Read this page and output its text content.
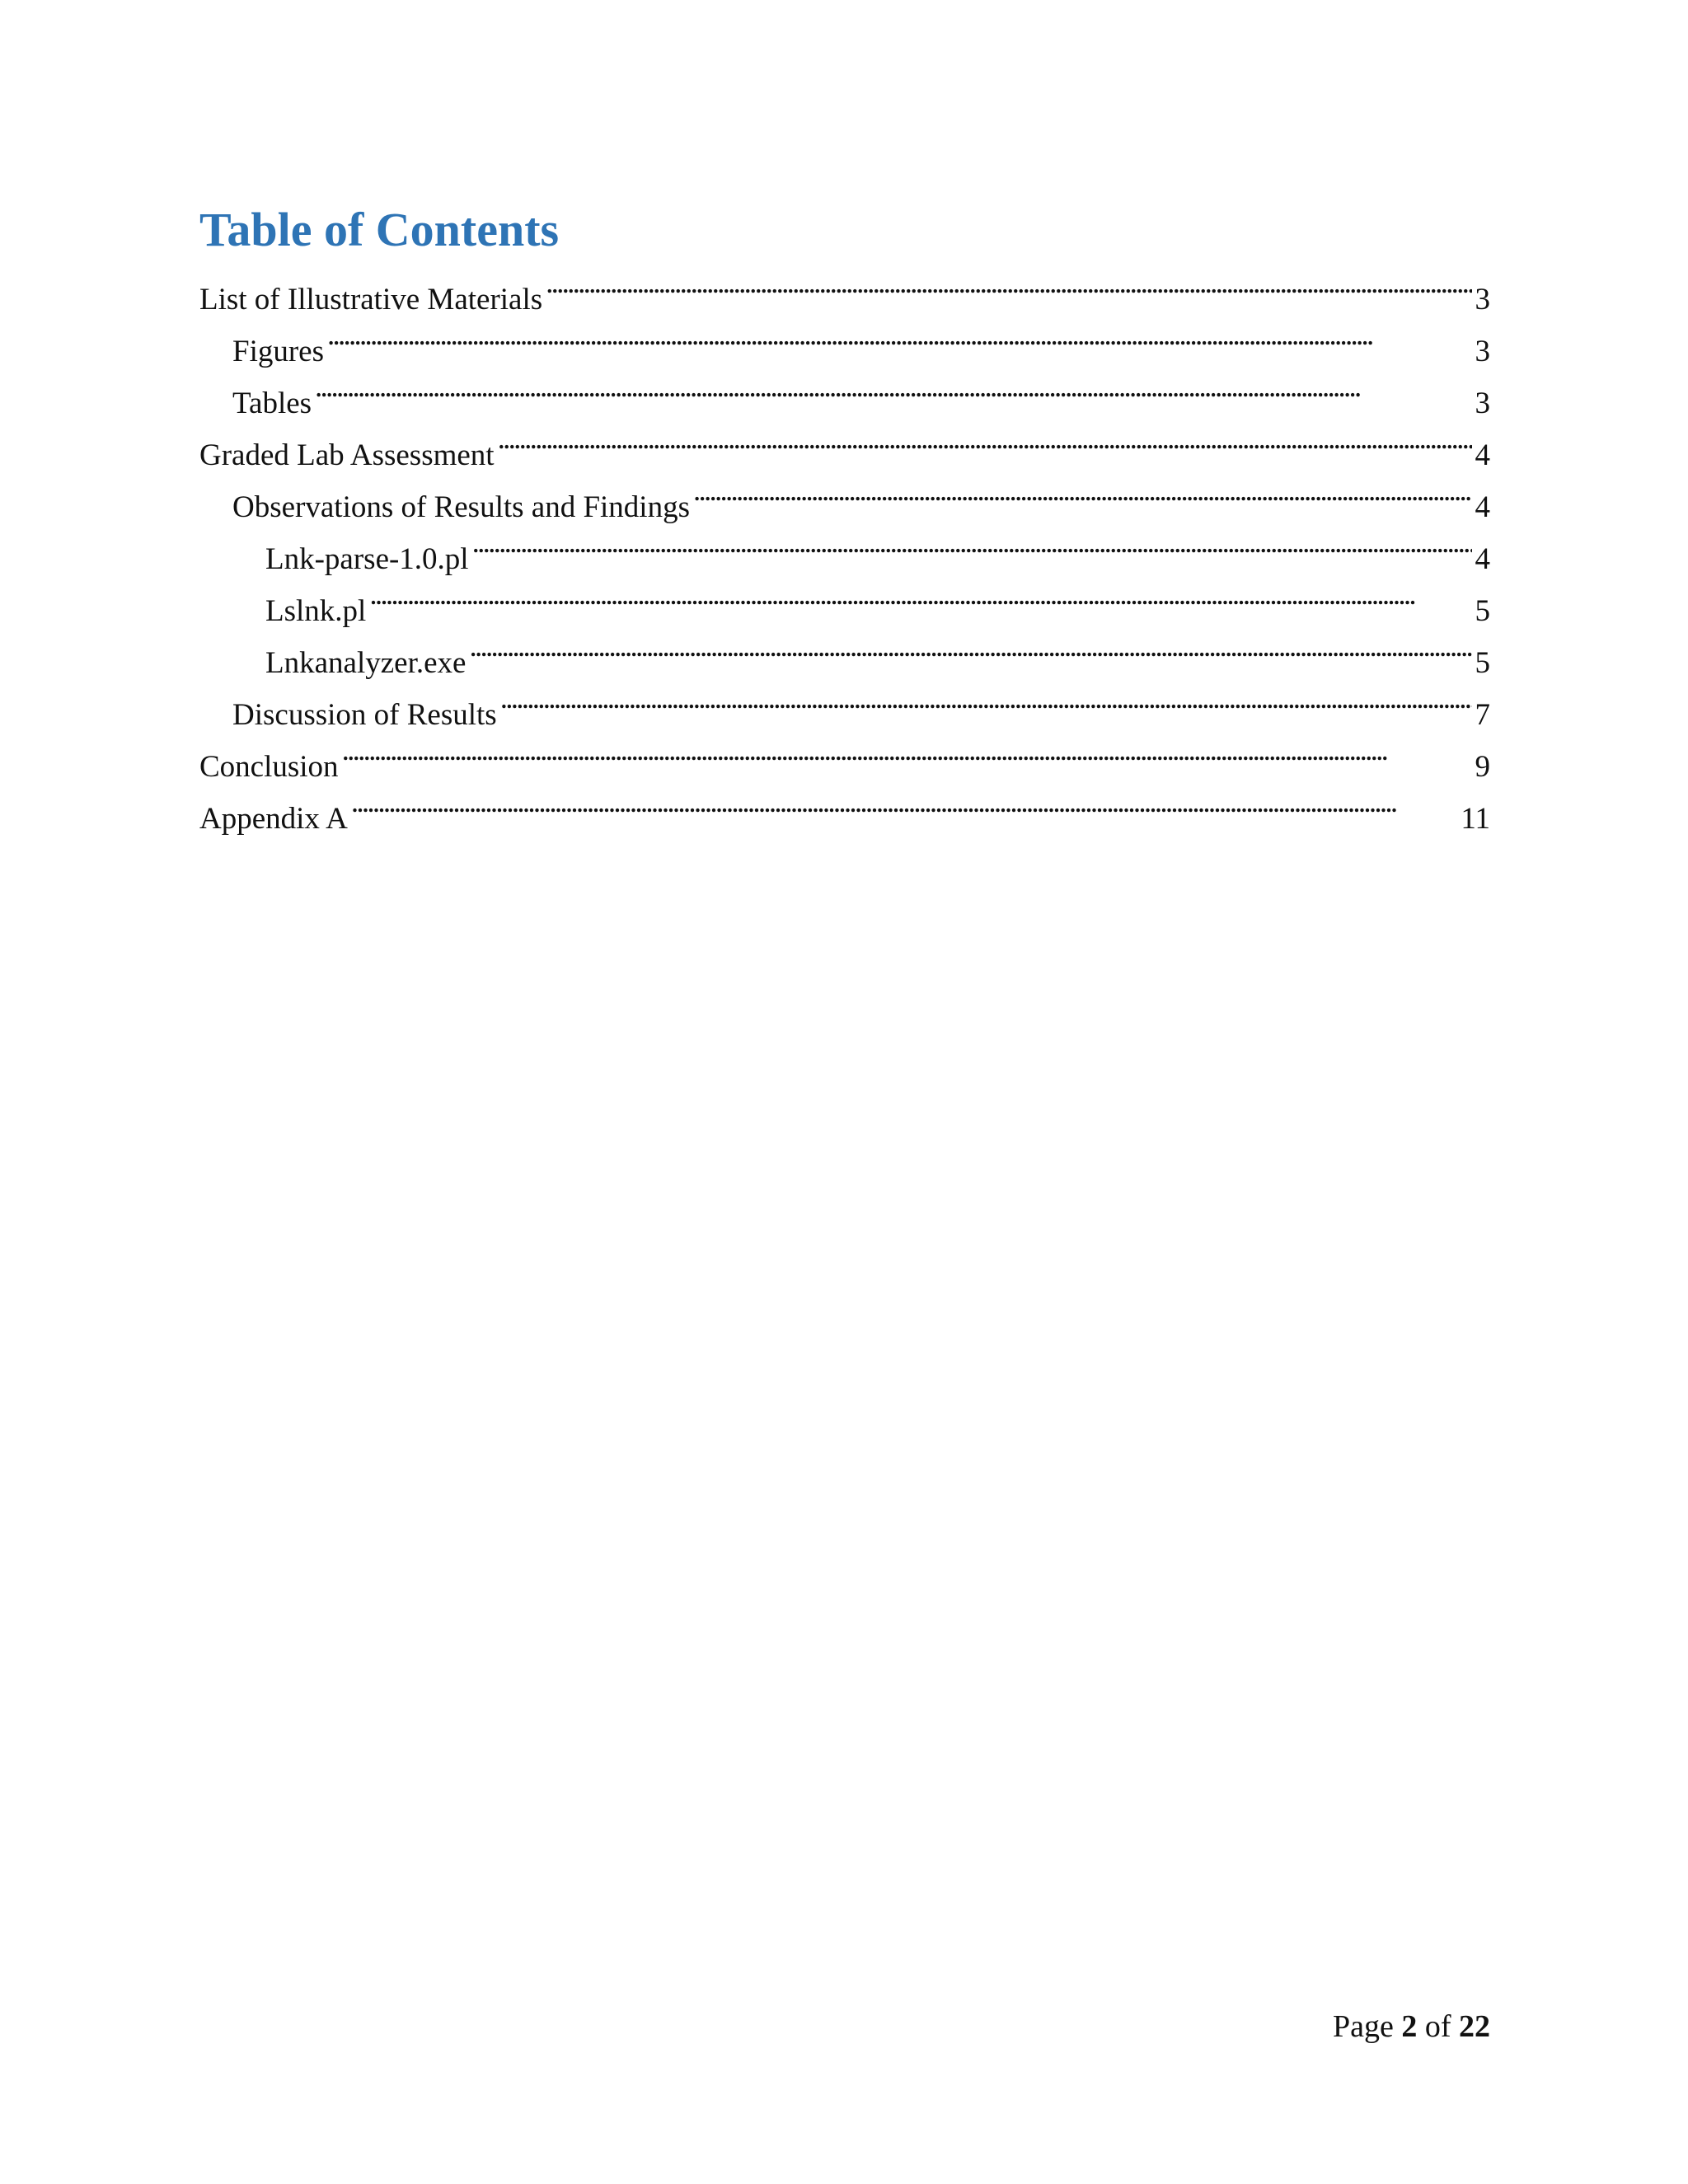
Table of Contents
List of Illustrative Materials . . .	3
Figures . . .	3
Tables . . .	3
Graded Lab Assessment . . .	4
Observations of Results and Findings . . .	4
Lnk-parse-1.0.pl . . .	4
Lslnk.pl . . .	5
Lnkanalyzer.exe . . .	5
Discussion of Results . . .	7
Conclusion . . .	9
Appendix A . . .	11
Page 2 of 22
